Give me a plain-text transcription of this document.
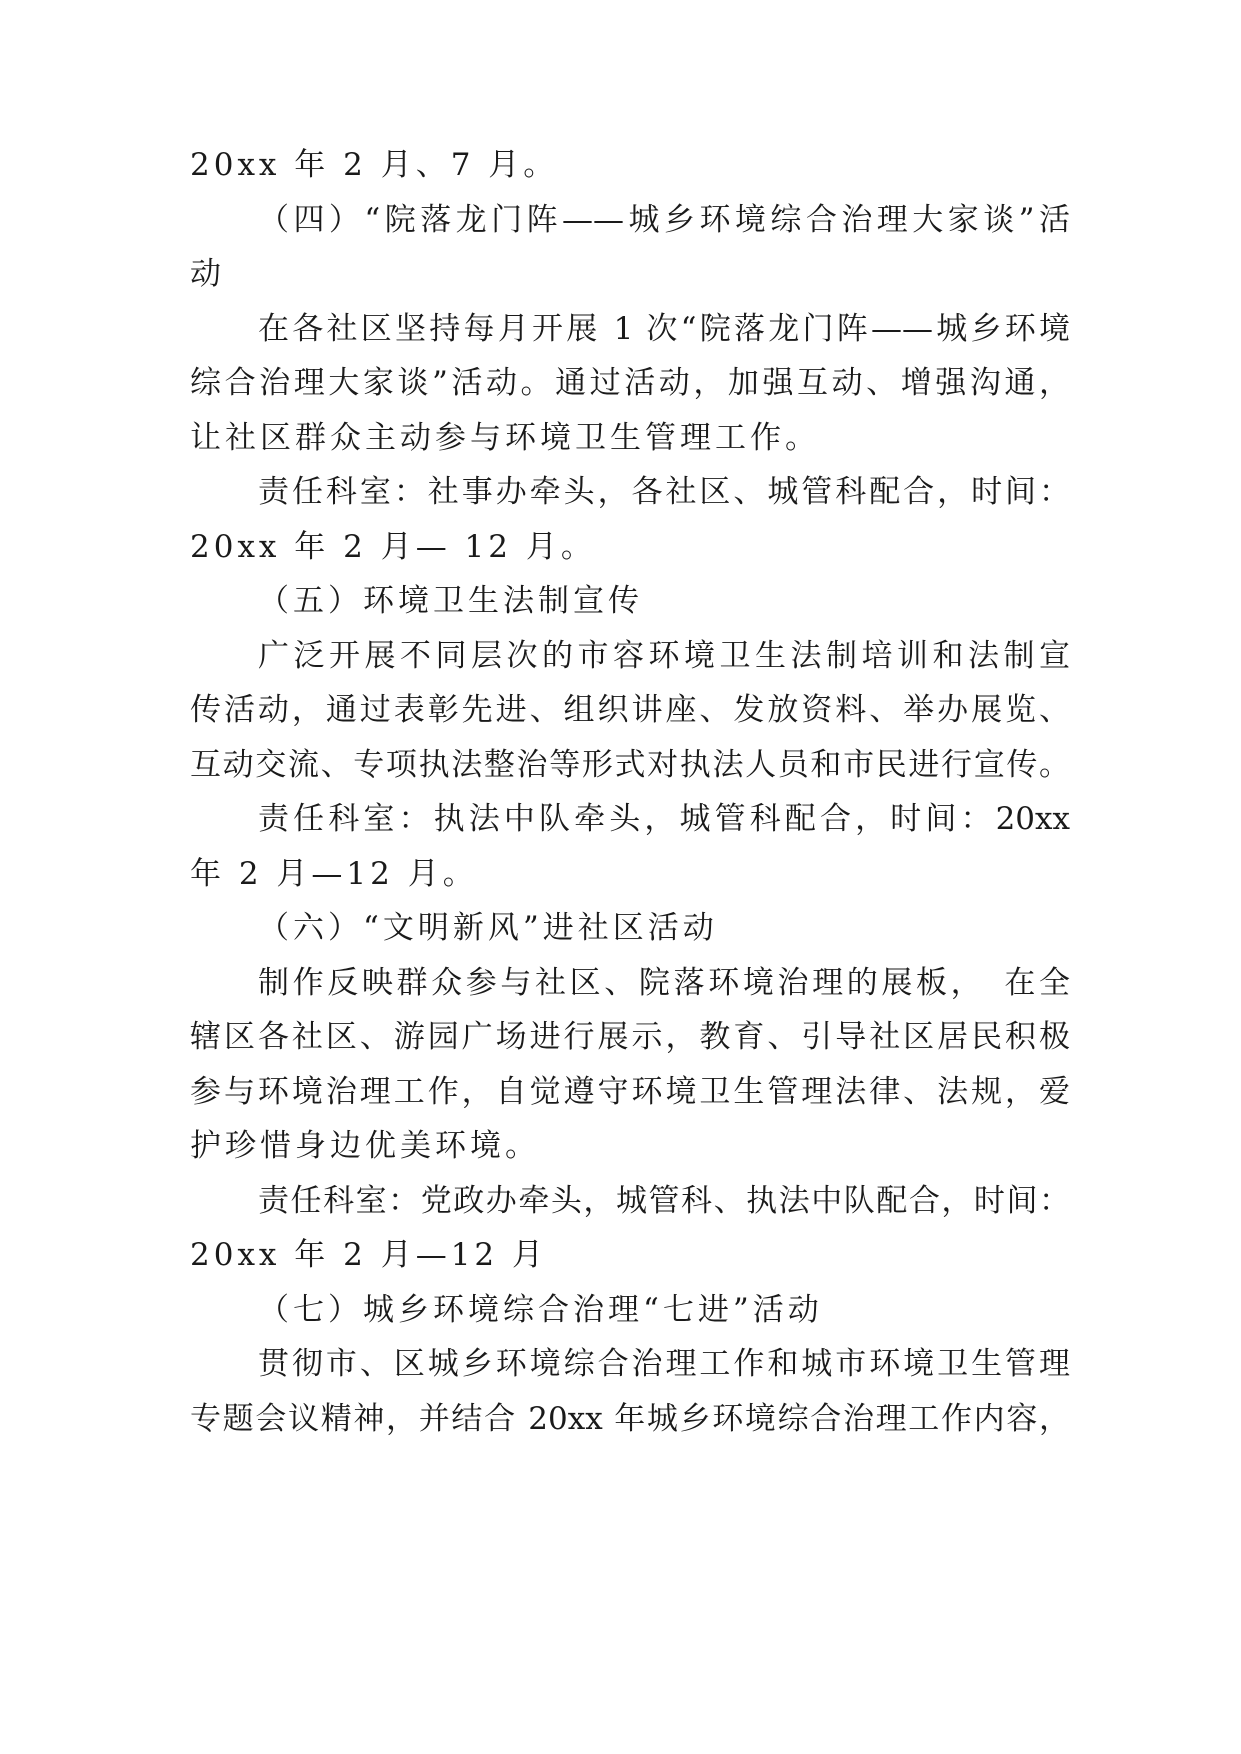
20xx 年 2 月、7 月。

（四）“院落龙门阵——城乡环境综合治理大家谈”活

动

在各社区坚持每月开展 1 次“院落龙门阵——城乡环境

综合治理大家谈”活动。通过活动，加强互动、增强沟通，

让社区群众主动参与环境卫生管理工作。

责任科室：社事办牵头，各社区、城管科配合，时间：

20xx 年 2 月— 12 月。

（五）环境卫生法制宣传

广泛开展不同层次的市容环境卫生法制培训和法制宣

传活动，通过表彰先进、组织讲座、发放资料、举办展览、

互动交流、专项执法整治等形式对执法人员和市民进行宣传。

责任科室：执法中队牵头，城管科配合，时间：20xx

年 2 月—12 月。

（六）“文明新风”进社区活动

制作反映群众参与社区、院落环境治理的展板，　在全

辖区各社区、游园广场进行展示，教育、引导社区居民积极

参与环境治理工作，自觉遵守环境卫生管理法律、法规，爱

护珍惜身边优美环境。

责任科室：党政办牵头，城管科、执法中队配合，时间：

20xx 年 2 月—12 月

（七）城乡环境综合治理“七进”活动

贯彻市、区城乡环境综合治理工作和城市环境卫生管理

专题会议精神，并结合 20xx 年城乡环境综合治理工作内容，
